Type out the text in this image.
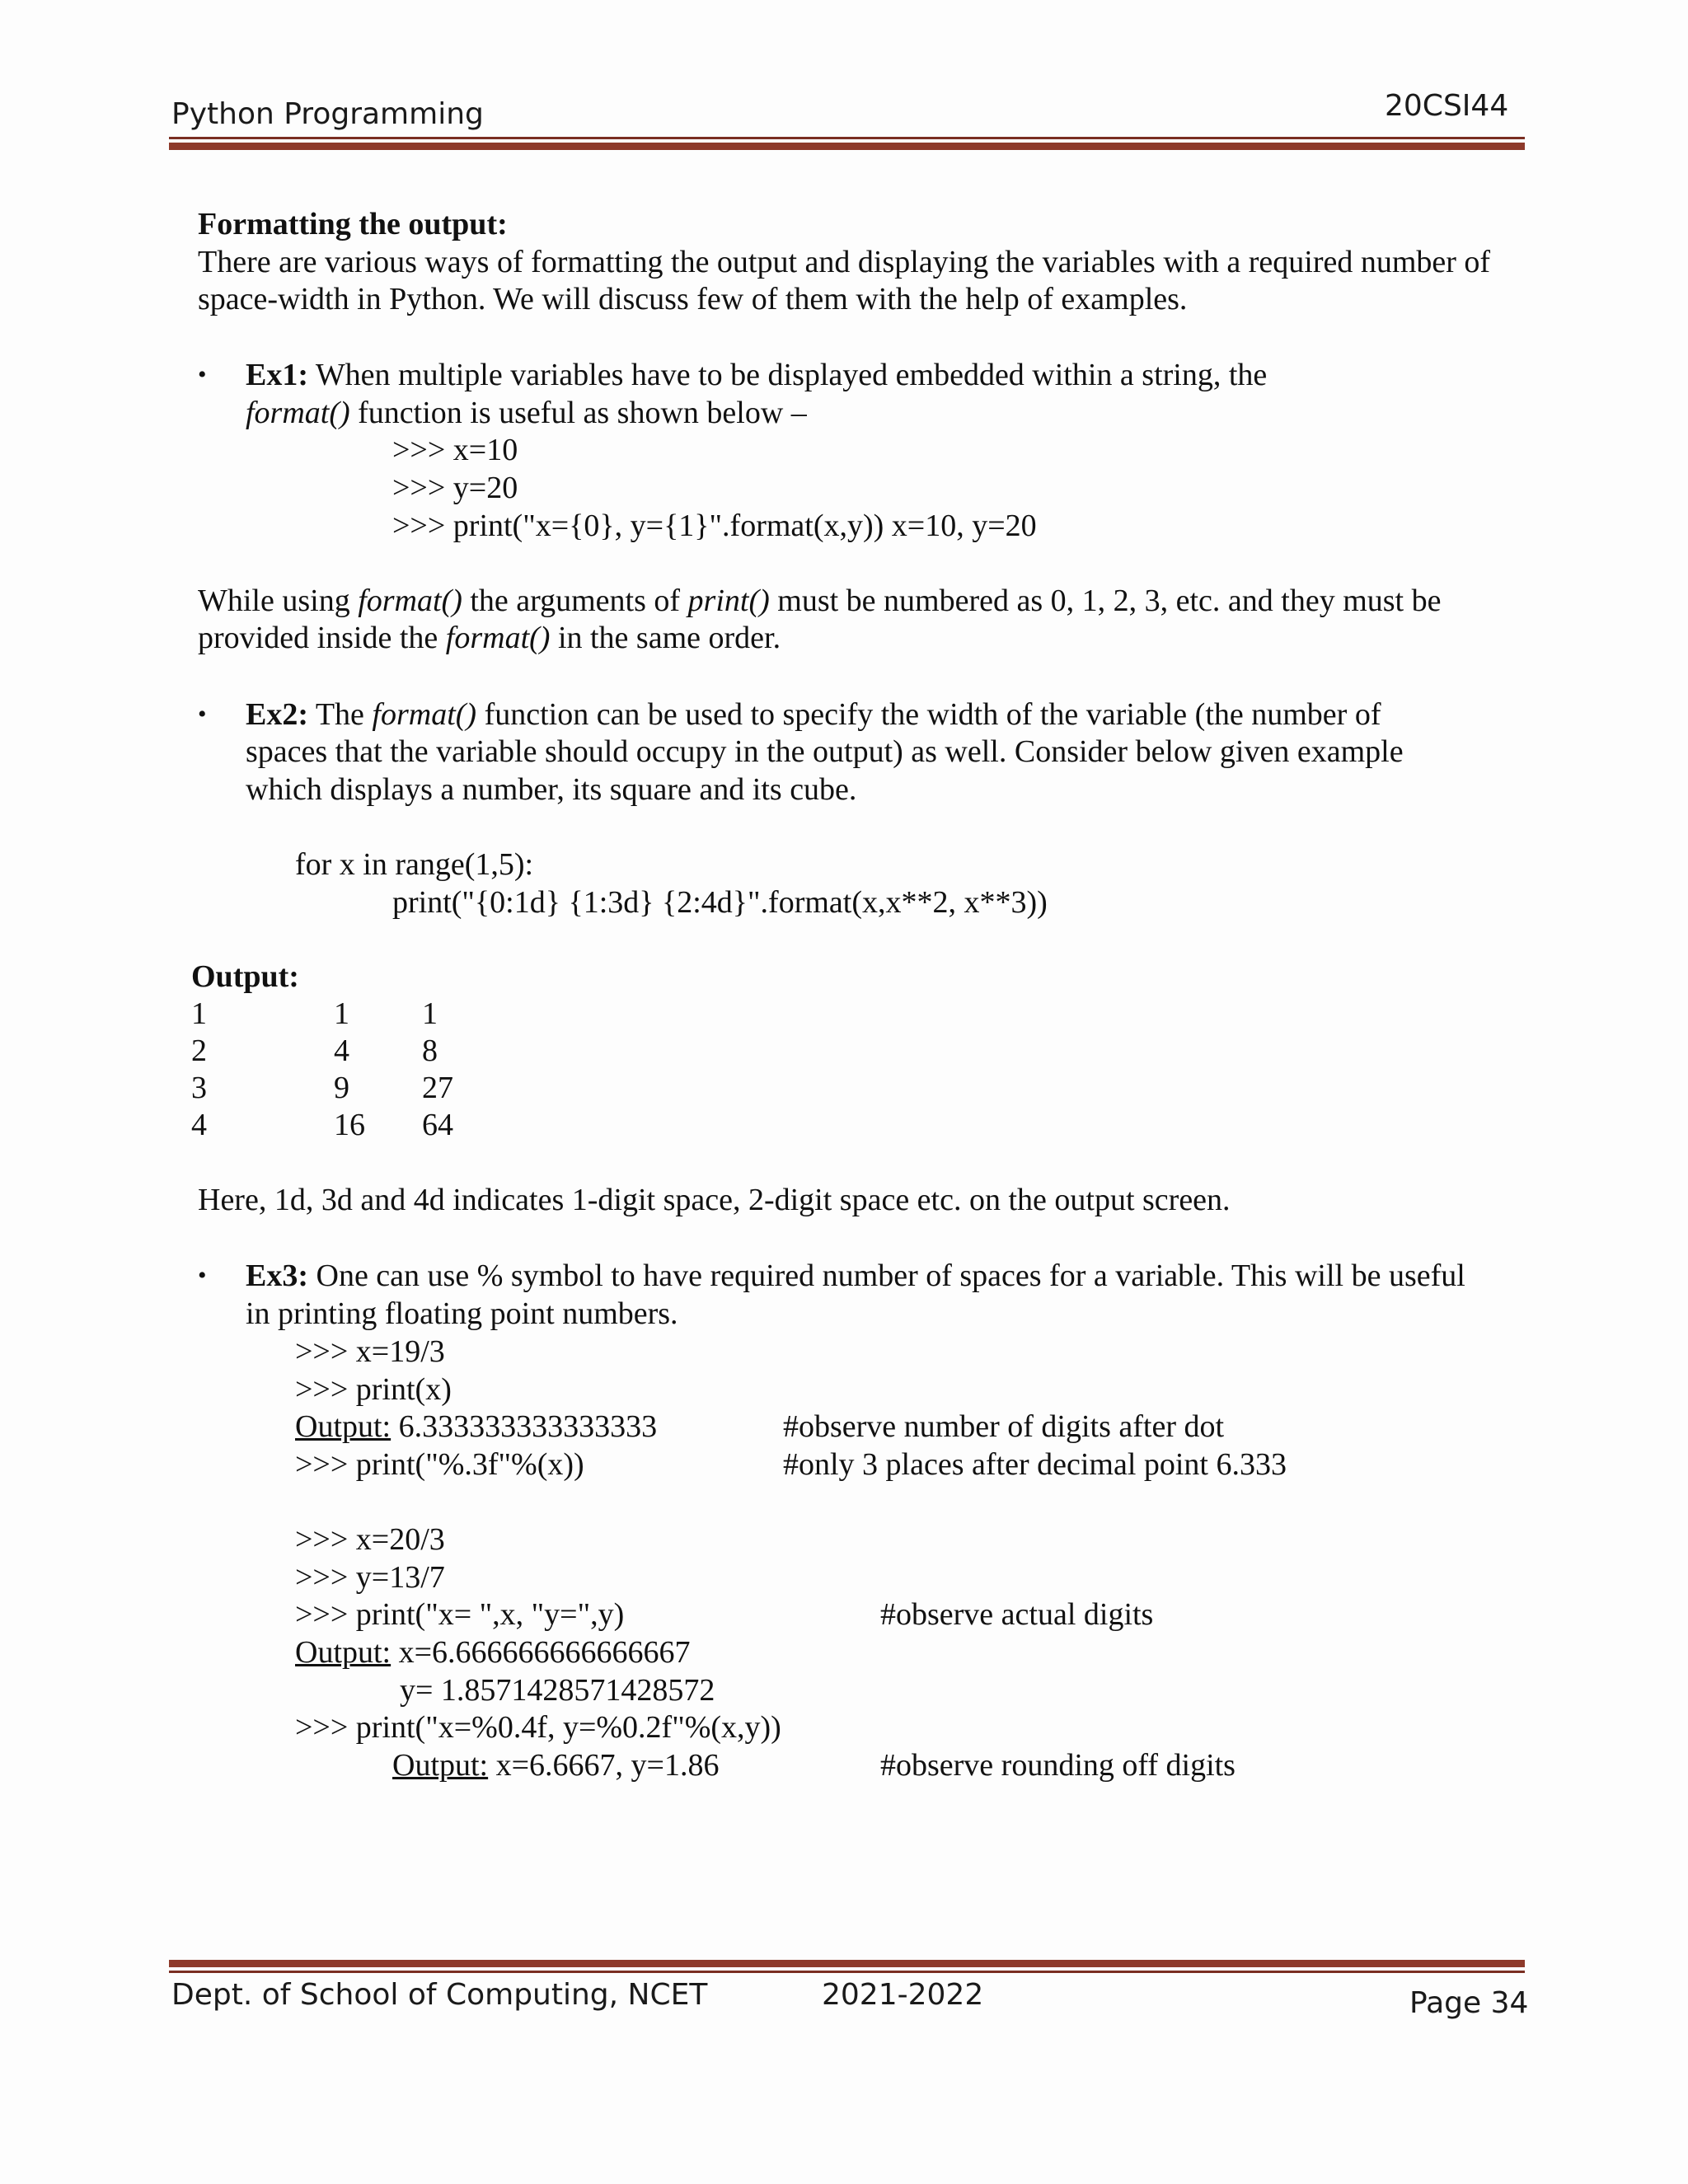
Python Programming	20CSI44
Formatting the output:
There are various ways of formatting the output and displaying the variables with a required number of
space-width in Python. We will discuss few of them with the help of examples.
• Ex1: When multiple variables have to be displayed embedded within a string, the
format() function is useful as shown below –
>>> x=10
>>> y=20
>>> print("x={0}, y={1}".format(x,y)) x=10, y=20
While using format() the arguments of print() must be numbered as 0, 1, 2, 3, etc. and they must be
provided inside the format() in the same order.
• Ex2: The format() function can be used to specify the width of the variable (the number of
spaces that the variable should occupy in the output) as well. Consider below given example
which displays a number, its square and its cube.
for x in range(1,5):
print("{0:1d} {1:3d} {2:4d}".format(x,x**2, x**3))
Output:
1	1 1
2	4 8
3	9 27
4	16 64
Here, 1d, 3d and 4d indicates 1-digit space, 2-digit space etc. on the output screen.
• Ex3: One can use % symbol to have required number of spaces for a variable. This will be useful
in printing floating point numbers.
>>> x=19/3
>>> print(x)
Output: 6.333333333333333	#observe number of digits after dot
>>> print("%.3f"%(x))	#only 3 places after decimal point 6.333
>>> x=20/3
>>> y=13/7
>>> print("x= ",x, "y=",y)	#observe actual digits
Output: x=6.666666666666667
y= 1.8571428571428572
>>> print("x=%0.4f, y=%0.2f"%(x,y))
Output: x=6.6667, y=1.86	#observe rounding off digits
Dept. of School of Computing, NCET	2021-2022	Page 34
